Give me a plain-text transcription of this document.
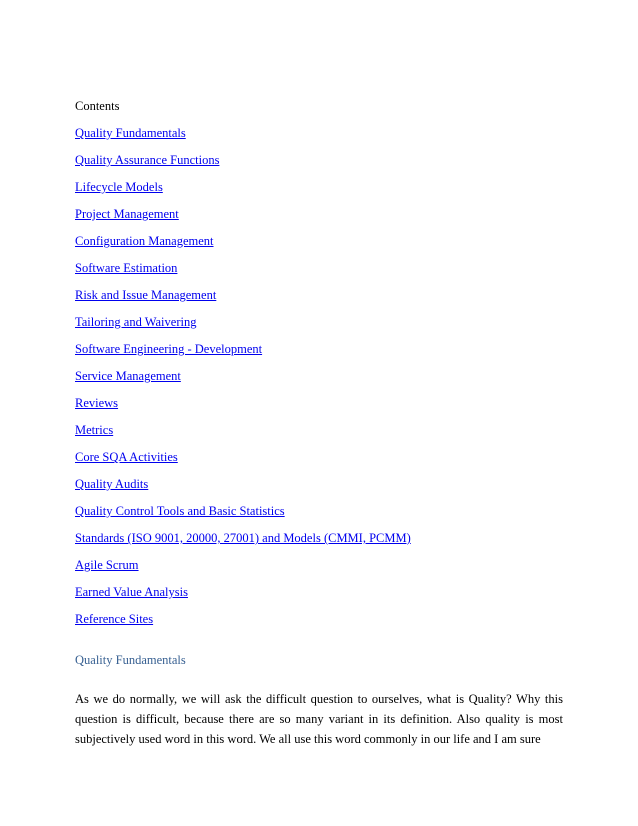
Contents
Quality Fundamentals
Quality Assurance Functions
Lifecycle Models
Project Management
Configuration Management
Software Estimation
Risk and Issue Management
Tailoring and Waivering
Software Engineering - Development
Service Management
Reviews
Metrics
Core SQA Activities
Quality Audits
Quality Control Tools and Basic Statistics
Standards (ISO 9001, 20000, 27001) and Models (CMMI, PCMM)
Agile Scrum
Earned Value Analysis
Reference Sites
Quality Fundamentals

As we do normally, we will ask the difficult question to ourselves, what is Quality? Why this question is difficult, because there are so many variant in its definition. Also quality is most subjectively used word in this word. We all use this word commonly in our life and I am sure
